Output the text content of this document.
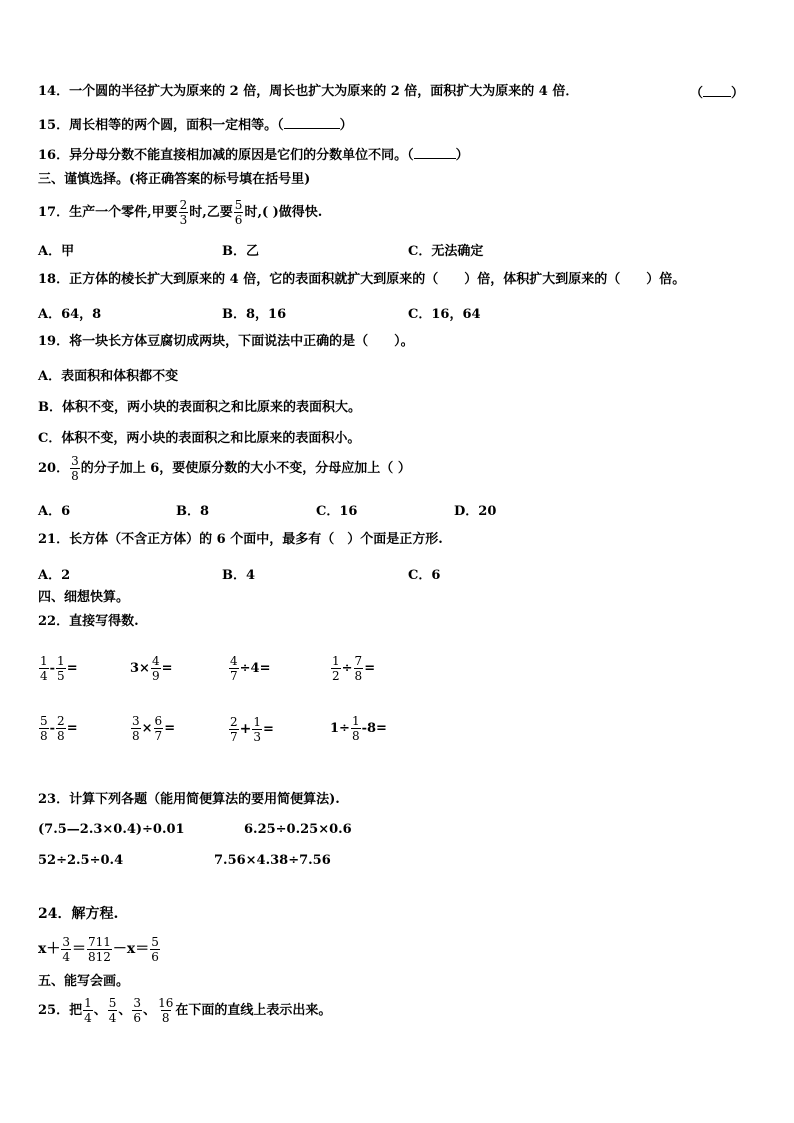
14．一个圆的半径扩大为原来的 2 倍，周长也扩大为原来的 2 倍，面积扩大为原来的 4 倍．	（ ）
15．周长相等的两个圆，面积一定相等。（	）
16．异分母分数不能直接相加减的原因是它们的分数单位不同。（	）
三、谨慎选择。(将正确答案的标号填在括号里)
17．生产一个零件,甲要 $\frac{2}{3}$ 时,乙要 $\frac{5}{6}$ 时,( )做得快.
A．甲	B．乙	C．无法确定
18．正方体的棱长扩大到原来的 4 倍，它的表面积就扩大到原来的（　　）倍，体积扩大到原来的（　　）倍。
A．64，8	B．8，16	C．16，64
19．将一块长方体豆腐切成两块，下面说法中正确的是（　　）。
A．表面积和体积都不变
B．体积不变，两小块的表面积之和比原来的表面积大。
C．体积不变，两小块的表面积之和比原来的表面积小。
20． $\frac{3}{8}$ 的分子加上 6，要使原分数的大小不变，分母应加上（ ）
A．6	B．8	C．16	D．20
21．长方体（不含正方体）的 6 个面中，最多有（　）个面是正方形.
A．2	B．4	C．6
四、细想快算。
22．直接写得数.
$\frac{1}{4} - \frac{1}{5}$ =	$3\times \frac{4}{9}$ =	$\frac{4}{7} \div 4=$	$\frac{1}{2} \div \frac{7}{8}$ =
$\frac{5}{8} - \frac{2}{8}$ =	$\frac{3}{8} \times \frac{6}{7}$ =	$\frac{2}{7} + \frac{1}{3}$ =	$1\div \frac{1}{8} -8=$
23．计算下列各题（能用简便算法的要用简便算法).
(7.5—2.3×0.4)÷0.01	6.25÷0.25×0.6
52÷2.5÷0.4	7.56×4.38÷7.56
24．解方程.
$x+ \frac{3}{4} = \frac{711}{812} -x= \frac{5}{6}$
五、能写会画。
25．把 $\frac{1}{4}$ 、 $\frac{5}{4}$ 、 $\frac{3}{6}$ 、 $\frac{16}{8}$ 在下面的直线上表示出来。
